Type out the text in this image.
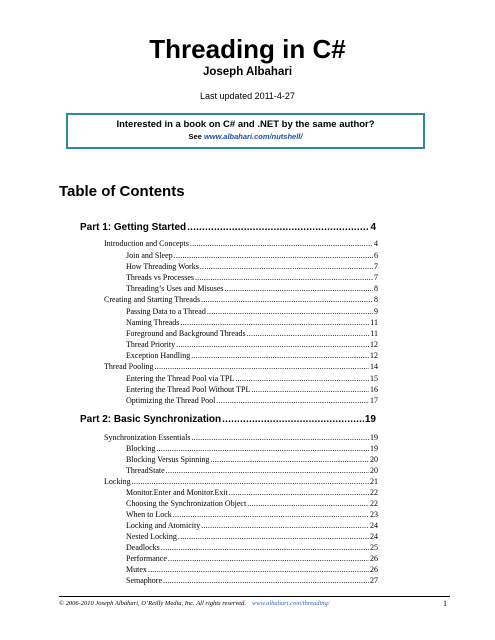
Threading in C#
Joseph Albahari
Last updated 2011-4-27
Interested in a book on C# and .NET by the same author?
See www.albahari.com/nutshell/
Table of Contents
Part 1: Getting Started .....	4
Introduction and Concepts .....	4
Join and Sleep .....	6
How Threading Works .....	7
Threads vs Processes .....	7
Threading’s Uses and Misuses .....	8
Creating and Starting Threads .....	8
Passing Data to a Thread .....	9
Naming Threads .....	11
Foreground and Background Threads .....	11
Thread Priority .....	12
Exception Handling .....	12
Thread Pooling .....	14
Entering the Thread Pool via TPL .....	15
Entering the Thread Pool Without TPL .....	16
Optimizing the Thread Pool .....	17
Part 2: Basic Synchronization .....	19
Synchronization Essentials .....	19
Blocking .....	19
Blocking Versus Spinning .....	20
ThreadState .....	20
Locking .....	21
Monitor.Enter and Monitor.Exit .....	22
Choosing the Synchronization Object .....	22
When to Lock .....	23
Locking and Atomicity .....	24
Nested Locking .....	24
Deadlocks .....	25
Performance .....	26
Mutex .....	26
Semaphore .....	27
© 2006-2010 Joseph Albahari, O’Reilly Media, Inc. All rights reserved. www.albahari.com/threading/	1
